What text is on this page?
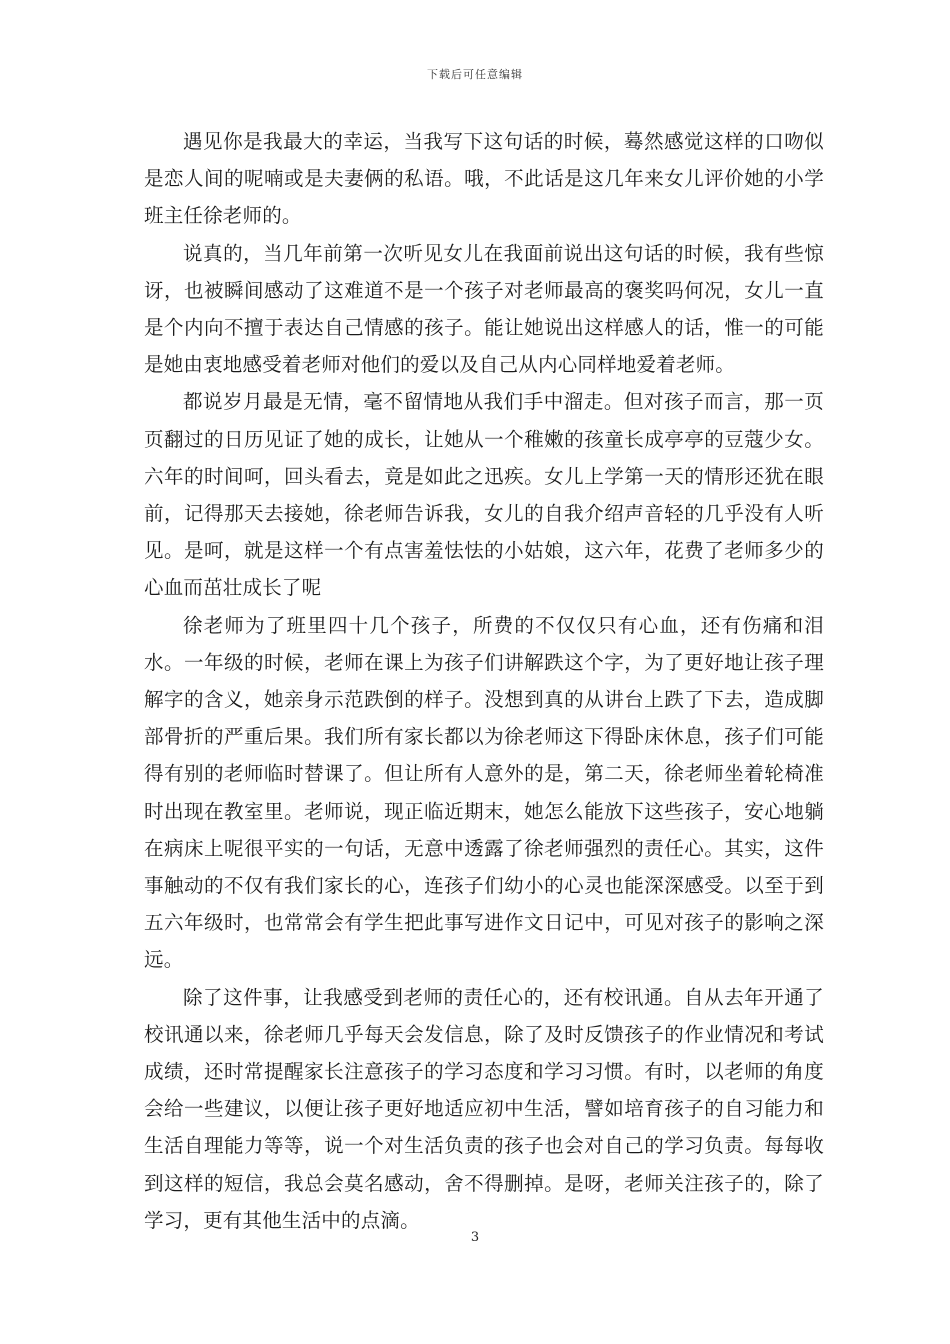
下载后可任意编辑

遇见你是我最大的幸运，当我写下这句话的时候，蓦然感觉这样的口吻似是恋人间的呢喃或是夫妻俩的私语。哦，不此话是这几年来女儿评价她的小学班主任徐老师的。

说真的，当几年前第一次听见女儿在我面前说出这句话的时候，我有些惊讶，也被瞬间感动了这难道不是一个孩子对老师最高的褒奖吗何况，女儿一直是个内向不擅于表达自己情感的孩子。能让她说出这样感人的话，惟一的可能是她由衷地感受着老师对他们的爱以及自己从内心同样地爱着老师。

都说岁月最是无情，毫不留情地从我们手中溜走。但对孩子而言，那一页页翻过的日历见证了她的成长，让她从一个稚嫩的孩童长成亭亭的豆蔻少女。六年的时间呵，回头看去，竟是如此之迅疾。女儿上学第一天的情形还犹在眼前，记得那天去接她，徐老师告诉我，女儿的自我介绍声音轻的几乎没有人听见。是呵，就是这样一个有点害羞怯怯的小姑娘，这六年，花费了老师多少的心血而茁壮成长了呢

徐老师为了班里四十几个孩子，所费的不仅仅只有心血，还有伤痛和泪水。一年级的时候，老师在课上为孩子们讲解跌这个字，为了更好地让孩子理解字的含义，她亲身示范跌倒的样子。没想到真的从讲台上跌了下去，造成脚部骨折的严重后果。我们所有家长都以为徐老师这下得卧床休息，孩子们可能得有别的老师临时替课了。但让所有人意外的是，第二天，徐老师坐着轮椅准时出现在教室里。老师说，现正临近期末，她怎么能放下这些孩子，安心地躺在病床上呢很平实的一句话，无意中透露了徐老师强烈的责任心。其实，这件事触动的不仅有我们家长的心，连孩子们幼小的心灵也能深深感受。以至于到五六年级时，也常常会有学生把此事写进作文日记中，可见对孩子的影响之深远。

除了这件事，让我感受到老师的责任心的，还有校讯通。自从去年开通了校讯通以来，徐老师几乎每天会发信息，除了及时反馈孩子的作业情况和考试成绩，还时常提醒家长注意孩子的学习态度和学习习惯。有时，以老师的角度会给一些建议，以便让孩子更好地适应初中生活，譬如培育孩子的自习能力和生活自理能力等等，说一个对生活负责的孩子也会对自己的学习负责。每每收到这样的短信，我总会莫名感动，舍不得删掉。是呀，老师关注孩子的，除了学习，更有其他生活中的点滴。

3
